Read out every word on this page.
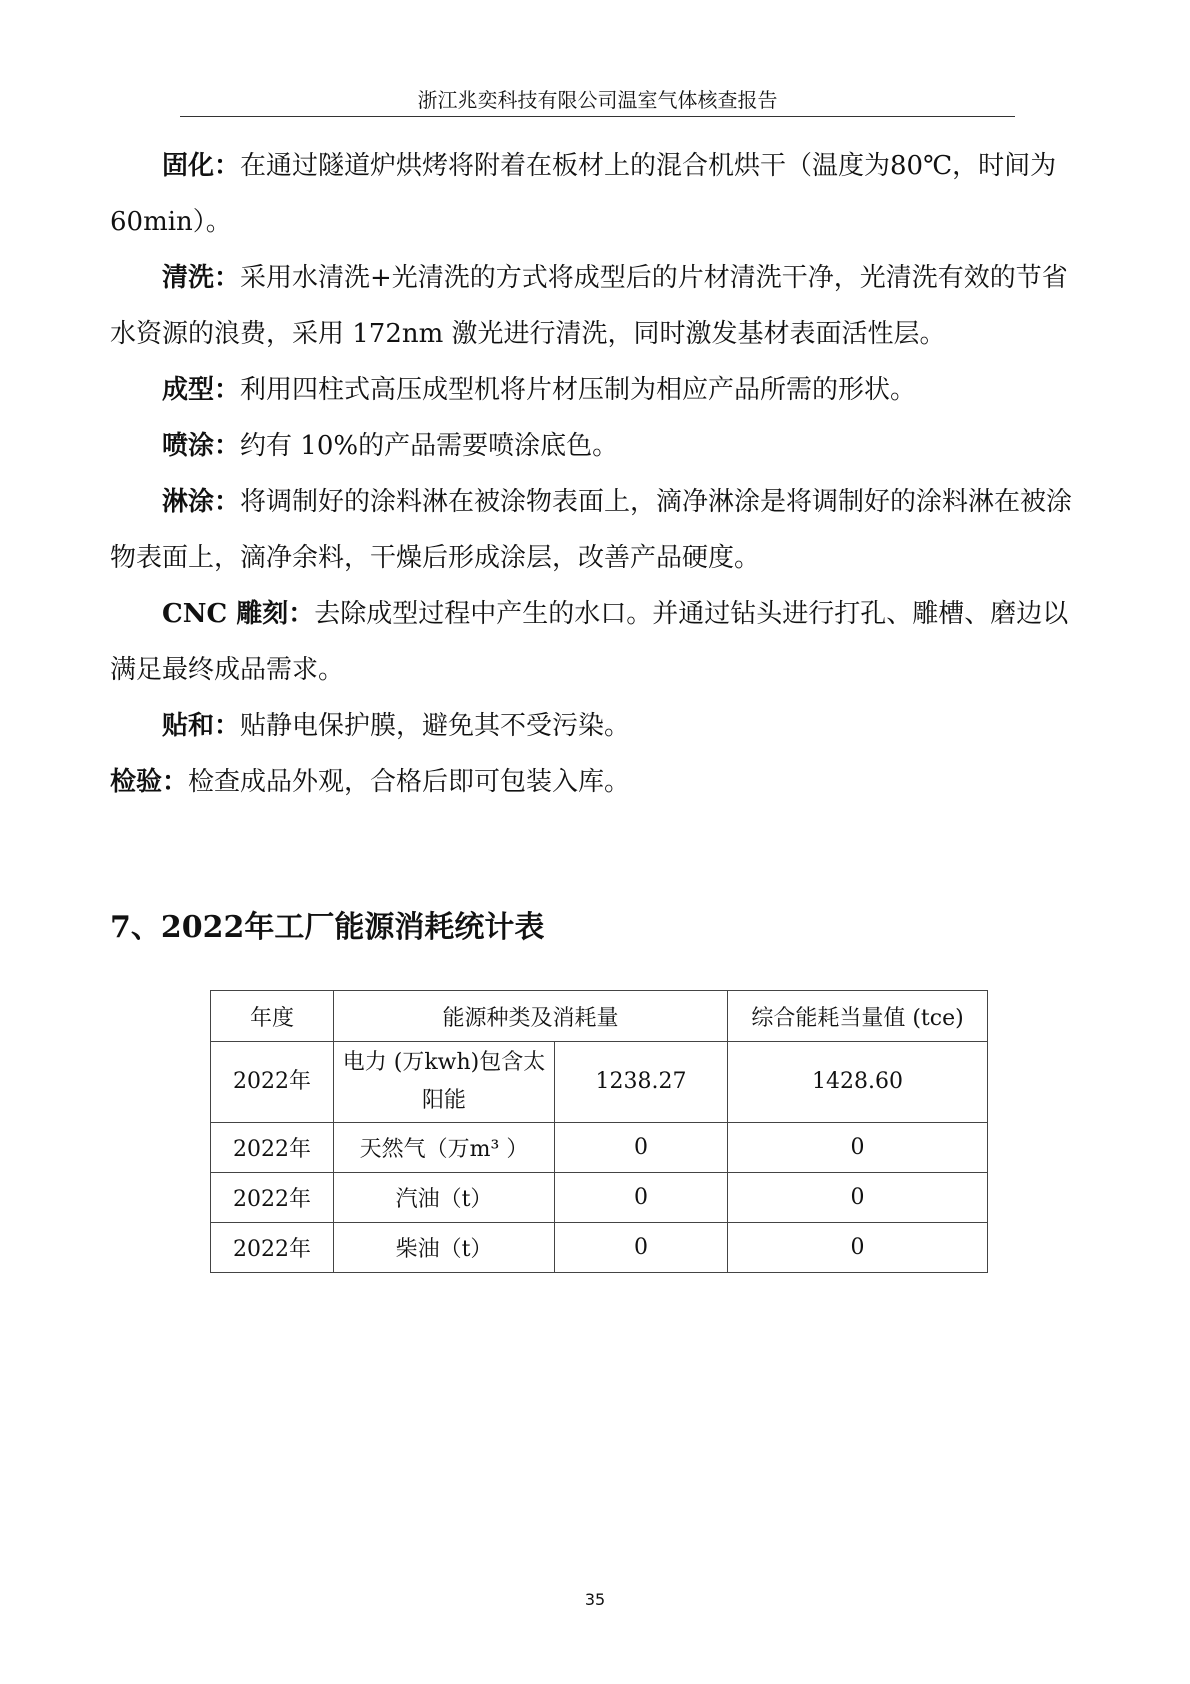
浙江兆奕科技有限公司温室气体核查报告

固化：在通过隧道炉烘烤将附着在板材上的混合机烘干（温度为80℃，时间为 60min）。

清洗：采用水清洗+光清洗的方式将成型后的片材清洗干净，光清洗有效的节省水资源的浪费，采用 172nm 激光进行清洗，同时激发基材表面活性层。

成型：利用四柱式高压成型机将片材压制为相应产品所需的形状。

喷涂：约有 10%的产品需要喷涂底色。

淋涂：将调制好的涂料淋在被涂物表面上，滴净淋涂是将调制好的涂料淋在被涂物表面上，滴净余料，干燥后形成涂层，改善产品硬度。

CNC 雕刻：去除成型过程中产生的水口。并通过钻头进行打孔、雕槽、磨边以满足最终成品需求。

贴和：贴静电保护膜，避免其不受污染。

检验：检查成品外观，合格后即可包装入库。

7、2022年工厂能源消耗统计表
年度	能源种类及消耗量		综合能耗当量值 (tce)
2022年	电力 (万kwh)包含太阳能	1238.27	1428.60
2022年	天然气（万m³ ）	0	0
2022年	汽油（t）	0	0
2022年	柴油（t）	0	0
35
